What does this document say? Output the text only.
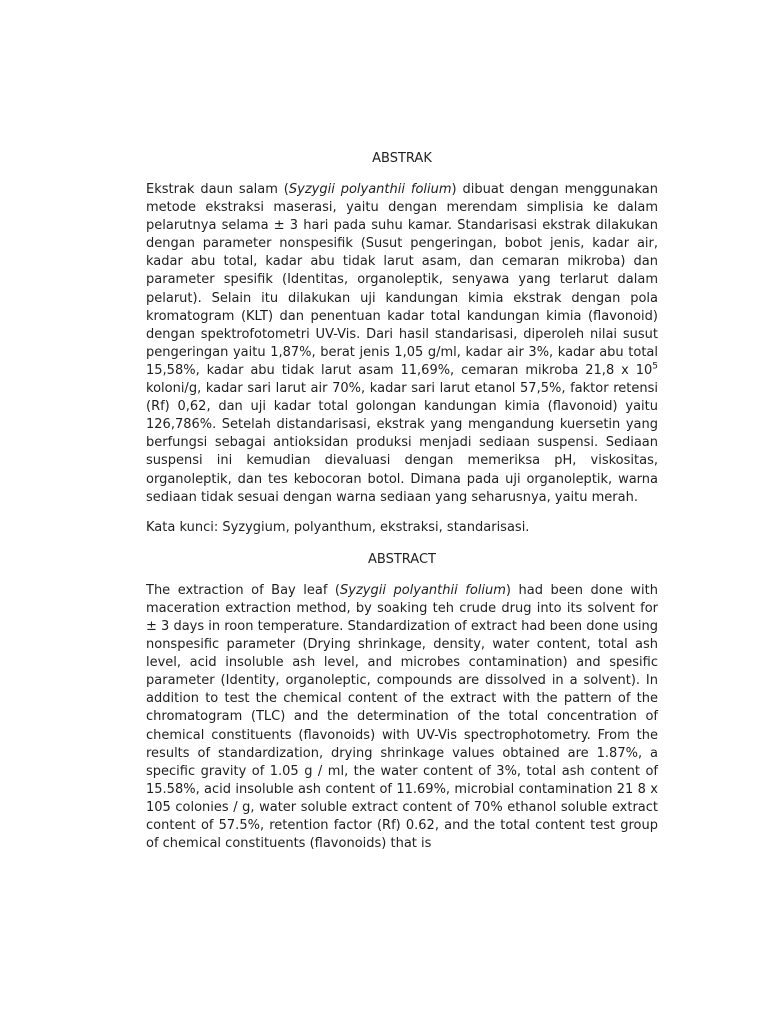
ABSTRAK

Ekstrak daun salam (Syzygii polyanthii folium) dibuat dengan menggunakan metode ekstraksi maserasi, yaitu dengan merendam simplisia ke dalam pelarutnya selama ± 3 hari pada suhu kamar. Standarisasi ekstrak dilakukan dengan parameter nonspesifik (Susut pengeringan, bobot jenis, kadar air, kadar abu total, kadar abu tidak larut asam, dan cemaran mikroba) dan parameter spesifik (Identitas, organoleptik, senyawa yang terlarut dalam pelarut). Selain itu dilakukan uji kandungan kimia ekstrak dengan pola kromatogram (KLT) dan penentuan kadar total kandungan kimia (flavonoid) dengan spektrofotometri UV-Vis. Dari hasil standarisasi, diperoleh nilai susut pengeringan yaitu 1,87%, berat jenis 1,05 g/ml, kadar air 3%, kadar abu total 15,58%, kadar abu tidak larut asam 11,69%, cemaran mikroba 21,8 x $10^5$ koloni/g, kadar sari larut air 70%, kadar sari larut etanol 57,5%, faktor retensi (Rf) 0,62, dan uji kadar total golongan kandungan kimia (flavonoid) yaitu 126,786%. Setelah distandarisasi, ekstrak yang mengandung kuersetin yang berfungsi sebagai antioksidan produksi menjadi sediaan suspensi. Sediaan suspensi ini kemudian dievaluasi dengan memeriksa pH, viskositas, organoleptik, dan tes kebocoran botol. Dimana pada uji organoleptik, warna sediaan tidak sesuai dengan warna sediaan yang seharusnya, yaitu merah.

Kata kunci: Syzygium, polyanthum, ekstraksi, standarisasi.

ABSTRACT

The extraction of Bay leaf (Syzygii polyanthii folium) had been done with maceration extraction method, by soaking teh crude drug into its solvent for ± 3 days in roon temperature. Standardization of extract had been done using nonspesific parameter (Drying shrinkage, density, water content, total ash level, acid insoluble ash level, and microbes contamination) and spesific parameter (Identity, organoleptic, compounds are dissolved in a solvent). In addition to test the chemical content of the extract with the pattern of the chromatogram (TLC) and the determination of the total concentration of chemical constituents (flavonoids) with UV-Vis spectrophotometry. From the results of standardization, drying shrinkage values obtained are 1.87%, a specific gravity of 1.05 g / ml, the water content of 3%, total ash content of 15.58%, acid insoluble ash content of 11.69%, microbial contamination 21 8 x 105 colonies / g, water soluble extract content of 70% ethanol soluble extract content of 57.5%, retention factor (Rf) 0.62, and the total content test group of chemical constituents (flavonoids) that is
